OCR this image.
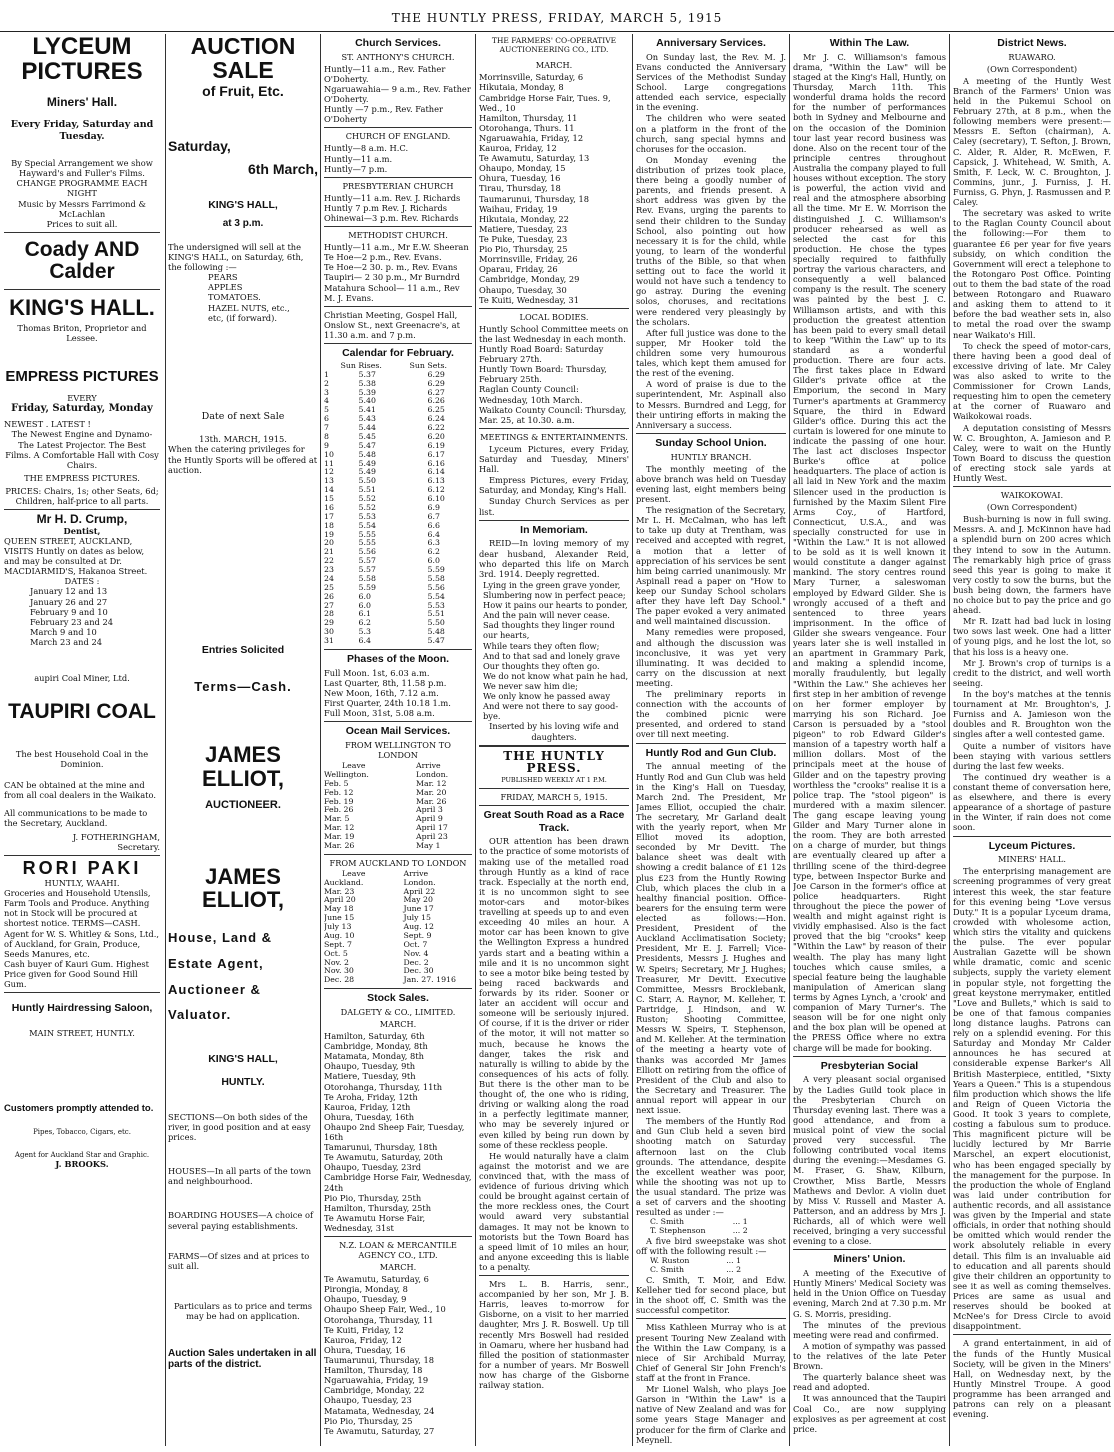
THE HUNTLY PRESS, FRIDAY, MARCH 5, 1915
LYCEUM
PICTURES
Miners' Hall.
Every Friday, Saturday and Tuesday.
By Special Arrangement we show Hayward's and Fuller's Films.
CHANGE PROGRAMME EACH NIGHT
Music by Messrs Farrimond & McLachlan
Prices to suit all.
Coady AND Calder
KING'S HALL.
Thomas Briton, Proprietor and Lessee.
EMPRESS PICTURES
EVERY
Friday, Saturday, Monday
NEWEST . LATEST !
The Newest Engine and Dynamo- The Latest Projector. The Best Films. A Comfortable Hall with Cosy Chairs.
THE EMPRESS PICTURES.
PRICES: Chairs, 1s; other Seats, 6d; Children, half-price to all parts.
Mr H. D. Crump,
Dentist,
QUEEN STREET, AUCKLAND,
VISITS Huntly on dates as below, and may be consulted at Dr. MACDIARMID'S, Hakanoa Street.
DATES :
January 12 and 13
January 26 and 27
February 9 and 10
February 23 and 24
March 9 and 10
March 23 and 24
aupiri Coal Miner, Ltd.
TAUPIRI COAL
The best Household Coal in the Dominion.
CAN be obtained at the mine and from all coal dealers in the Waikato.
All communications to be made to the Secretary, Auckland.
J. FOTHERINGHAM,
Secretary.
RORI PAKI
HUNTLY, WAAHI.
Groceries and Household Utensils, Farm Tools and Produce. Anything not in Stock will be procured at shortest notice. TERMS—CASH.
Agent for W. S. Whitley & Sons, Ltd., of Auckland, for Grain, Produce, Seeds Manures, etc.
Cash buyer of Kauri Gum. Highest Price given for Good Sound Hill Gum.
Huntly Hairdressing Saloon,
MAIN STREET, HUNTLY.
Customers promptly attended to.
Pipes, Tobacco, Cigars, etc.
Agent for Auckland Star and Graphic.
J. BROOKS.
AUCTION SALE
of Fruit, Etc.
Saturday,
6th March,
KING'S HALL,
at 3 p.m.
The undersigned will sell at the KING'S HALL, on Saturday, 6th, the following :—
PEARS
APPLES
TOMATOES.
HAZEL NUTS, etc.,
etc, (if forward).
Date of next Sale
13th. MARCH, 1915.
When the catering privileges for the Huntly Sports will be offered at auction.
Entries Solicited
Terms—Cash.
JAMES ELLIOT,
AUCTIONEER.
JAMES ELLIOT,
House, Land &
Estate Agent,
Auctioneer &
Valuator.
KING'S HALL,
HUNTLY.
SECTIONS—On both sides of the river, in good position and at easy prices.
HOUSES—In all parts of the town and neighbourhood.
BOARDING HOUSES—A choice of several paying establishments.
FARMS—Of sizes and at prices to suit all.
Particulars as to price and terms may be had on application.
Auction Sales undertaken in all parts of the district.
Church Services.
ST. ANTHONY'S CHURCH.
Huntly—11 a.m., Rev. Father O'Doherty.
Ngaruawahia— 9 a.m., Rev. Father O'Doherty.
Huntly —7 p.m., Rev. Father O'Doherty
CHURCH OF ENGLAND.
Huntly—8 a.m. H.C.
Huntly—11 a.m.
Huntly—7 p.m.
PRESBYTERIAN CHURCH
Huntly—11 a.m. Rev. J. Richards
Huntly 7 p.m Rev. J. Richards
Ohinewai—3 p.m. Rev. Richards
METHODIST CHURCH.
Huntly—11 a.m., Mr E.W. Sheeran
Te Hoe—2 p.m., Rev. Evans.
Te Hoe—2 30. p. m., Rev. Evans
Taupiri— 2 30 p.m., Mr Burndrd
Matahura School— 11 a.m., Rev M. J. Evans.
Christian Meeting, Gospel Hall, Onslow St., next Greenacre's, at 11.30 a.m. and 7 p.m.
Calendar for February.
	Sun Rises.	Sun Sets.
1	5.37	6.29
2	5.38	6.29
3	5.39	6.27
4	5.40	6.26
5	5.41	6.25
6	5.43	6.24
7	5.44	6.22
8	5.45	6.20
9	5.47	6.19
10	5.48	6.17
11	5.49	6.16
12	5.49	6.14
13	5.50	6.13
14	5.51	6.12
15	5.52	6.10
16	5.52	6.9
17	5.53	6.7
18	5.54	6.6
19	5.55	6.4
20	5.55	6.3
21	5.56	6.2
22	5.57	6.0
23	5.57	5.59
24	5.58	5.58
25	5.59	5.56
26	6.0	5.54
27	6.0	5.53
28	6.1	5.51
29	6.2	5.50
30	5.3	5.48
31	6.4	5.47
Phases of the Moon.
Full Moon. 1st, 6.03 a.m.
Last Quarter, 8th, 11.58 p.m.
New Moon, 16th, 7.12 a.m.
First Quarter, 24th 10.18 1.m.
Full Moon, 31st, 5.08 a.m.
Ocean Mail Services.
FROM WELLINGTON TO LONDON
Leave	Arrive
Wellington.	London.
Feb. 5	Mar. 12
Feb. 12	Mar. 20
Feb. 19	Mar. 26
Feb. 26	April 3
Mar. 5	April 9
Mar. 12	April 17
Mar. 19	April 23
Mar. 26	May 1
FROM AUCKLAND TO LONDON
Leave	Arrive
Auckland.	London.
Mar. 23	April 22
April 20	May 20
May 18	June 17
June 15	July 15
July 13	Aug. 12
Aug. 10	Sept. 9
Sept. 7	Oct. 7
Oct. 5	Nov. 4
Nov. 2	Dec. 2
Nov. 30	Dec. 30
Dec. 28	Jan. 27. 1916
Stock Sales.
DALGETY & CO., LIMITED.
MARCH.
Hamilton, Saturday, 6th
Cambridge, Monday, 8th
Matamata, Monday, 8th
Ohaupo, Tuesday, 9th
Matiere, Tuesday, 9th
Otorohanga, Thursday, 11th
Te Aroha, Friday, 12th
Kauroa, Friday, 12th
Ohura, Tuesday, 16th
Ohaupo 2nd Sheep Fair, Tuesday, 16th
Tamarunui, Thursday, 18th
Te Awamutu, Saturday, 20th
Ohaupo, Tuesday, 23rd
Cambridge Horse Fair, Wednesday, 24th
Pio Pio, Thursday, 25th
Hamilton, Thursday, 25th
Te Awamutu Horse Fair, Wednesday, 31st
N.Z. LOAN & MERCANTILE AGENCY CO., LTD.
MARCH.
Te Awamutu, Saturday, 6
Pirongia, Monday, 8
Ohaupo, Tuesday, 9
Ohaupo Sheep Fair, Wed., 10
Otorohanga, Thursday, 11
Te Kuiti, Friday, 12
Kauroa, Friday, 12
Ohura, Tuesday, 16
Taumarunui, Thursday, 18
Hamilton, Thursday, 18
Ngaruawahia, Friday, 19
Cambridge, Monday, 22
Ohaupo, Tuesday, 23
Matamata, Wednesday, 24
Pio Pio, Thursday, 25
Te Awamutu, Saturday, 27
THE FARMERS' CO-OPERATIVE AUCTIONEERING CO., LTD.
MARCH.
Morrinsville, Saturday, 6
Hikutaia, Monday, 8
Cambridge Horse Fair, Tues. 9, Wed., 10
Hamilton, Thursday, 11
Otorohanga, Thurs. 11
Ngaruawahia, Friday, 12
Kauroa, Friday, 12
Te Awamutu, Saturday, 13
Ohaupo, Monday, 15
Ohura, Tuesday, 16
Tirau, Thursday, 18
Taumarunui, Thursday, 18
Waihau, Friday, 19
Hikutaia, Monday, 22
Matiere, Tuesday, 23
Te Puke, Tuesday, 23
Pio Pio, Thursday, 25
Morrinsville, Friday, 26
Oparau, Friday, 26
Cambridge, Monday, 29
Ohaupo, Tuesday, 30
Te Kuiti, Wednesday, 31
LOCAL BODIES.
Huntly School Committee meets on the last Wednesday in each month.
Huntly Road Board: Saturday February 27th.
Huntly Town Board: Thursday, February 25th.
Raglan County Council: Wednesday, 10th March.
Waikato County Council: Thursday, Mar. 25, at 10.30. a.m.
MEETINGS & ENTERTAINMENTS.

Lyceum Pictures, every Friday, Saturday and Tuesday, Miners' Hall.

Empress Pictures, every Friday, Saturday, and Monday, King's Hall.

Sunday Church Services as per list.

In Memoriam.

REID—In loving memory of my dear husband, Alexander Reid, who departed this life on March 3rd. 1914. Deeply regretted.

Lying in the green grave yonder,
Slumbering now in perfect peace;
How it pains our hearts to ponder,
And the pain will never cease.
Sad thoughts they linger round our hearts,
While tears they often flow;
And to that sad and lonely grave
Our thoughts they often go.
We do not know what pain he had,
We never saw him die;
We only know he passed away
And were not there to say good-bye.
Inserted by his loving wife and daughters.
THE HUNTLY PRESS.
PUBLISHED WEEKLY AT 1 P.M.
FRIDAY, MARCH 5, 1915.
Great South Road as a Race Track.

OUR attention has been drawn to the practice of some motorists of making use of the metalled road through Huntly as a kind of race track. Especially at the north end, it is no uncommon sight to see motor-cars and motor-bikes travelling at speeds up to and even exceeding 40 miles an hour. A motor car has been known to give the Wellington Express a hundred yards start and a beating within a mile and it is no uncommon sight to see a motor bike being tested by being raced backwards and forwards by its rider. Sooner or later an accident will occur and someone will be seriously injured. Of course, if it is the driver or rider of the motor, it will not matter so much, because he knows the danger, takes the risk and naturally is willing to abide by the consequences of his acts of folly. But there is the other man to be thought of, the one who is riding, driving or walking along the road in a perfectly legitimate manner, who may be severely injured or even killed by being run down by some of these reckless people.

He would naturally have a claim against the motorist and we are convinced that, with the mass of evidence of furious driving which could be brought against certain of the more reckless ones, the Court would award very substantial damages. It may not be known to motorists but the Town Board has a speed limit of 10 miles an hour, and anyone exceeding this is liable to a penalty.

Mrs L. B. Harris, senr., accompanied by her son, Mr J. B. Harris, leaves to-morrow for Gisborne, on a visit to her married daughter, Mrs J. R. Boswell. Up till recently Mrs Boswell had resided in Oamaru, where her husband had filled the position of stationmaster for a number of years. Mr Boswell now has charge of the Gisborne railway station.

Anniversary Services.

On Sunday last, the Rev. M. J. Evans conducted the Anniversary Services of the Methodist Sunday School. Large congregations attended each service, especially in the evening.

The children who were seated on a platform in the front of the church, sang special hymns and choruses for the occasion.

On Monday evening the distribution of prizes took place, there being a goodly number of parents, and friends present. A short address was given by the Rev. Evans, urging the parents to send their children to the Sunday School, also pointing out how necessary it is for the child, while young, to learn of the wonderful truths of the Bible, so that when setting out to face the world it would not have such a tendency to go astray. During the evening solos, choruses, and recitations were rendered very pleasingly by the scholars.

After full justice was done to the supper, Mr Hooker told the children some very humourous tales, which kept them amused for the rest of the evening.

A word of praise is due to the superintendent, Mr. Aspinall also to Messrs. Burndred and Legg, for their untiring efforts in making the Anniversary a success.

Sunday School Union.
HUNTLY BRANCH.

The monthly meeting of the above branch was held on Tuesday evening last, eight members being present.

The resignation of the Secretary, Mr L. H. McCalman, who has left to take up duty at Trentham, was received and accepted with regret, a motion that a letter of appreciation of his services be sent him being carried unanimously. Mr Aspinall read a paper on "How to keep our Sunday School scholars after they have left Day School." The paper evoked a very animated and well maintained discussion.

Many remedies were proposed, and although the discussion was inconclusive, it was yet very illuminating. It was decided to carry on the discussion at next meeting.

The preliminary reports in connection with the accounts of the combined picnic were presented, and ordered to stand over till next meeting.

Huntly Rod and Gun Club.

The annual meeting of the Huntly Rod and Gun Club was held in the King's Hall on Tuesday, March 2nd. The President, Mr James Elliot, occupied the chair. The secretary, Mr Garland dealt with the yearly report, when Mr Elliot moved its adoption, seconded by Mr Devitt. The balance sheet was dealt with showing a credit balance of £1 12s plus £23 from the Huntly Rowing Club, which places the club in a healthy financial position. Office-bearers for the ensuing term were elected as follows:—Hon. President, President of the Auckland Acclimatisation Society; President, Mr E. J. Farrell; Vice-Presidents, Messrs J. Hughes and W. Speirs; Secretary, Mr J. Hughes; Treasurer, Mr Devitt. Executive Committee, Messrs Brocklebank, C. Starr, A. Raynor, M. Kelleher, T. Partridge, J. Hindson, and W. Ruston; Shooting Committee, Messrs W. Speirs, T. Stephenson, and M. Kelleher. At the termination of the meeting a hearty vote of thanks was accorded Mr James Elliott on retiring from the office of President of the Club and also to the Secretary and Treasurer. The annual report will appear in our next issue.

The members of the Huntly Rod and Gun Club held a seven bird shooting match on Saturday afternoon last on the Club grounds. The attendance, despite the excellent weather was poor, while the shooting was not up to the usual standard. The prize was a set of carvers and the shooting resulted as under :—

C. Smith	... 1
T. Stephenson	... 2

A five bird sweepstake was shot off with the following result :—

W. Ruston	... 1
C. Smith	... 2

C. Smith, T. Moir, and Edw. Kelleher tied for second place, but in the shoot off, C. Smith was the successful competitor.

Miss Kathleen Murray who is at present Touring New Zealand with the Within the Law Company, is a niece of Sir Archibald Murray, Chief of General Sir John French's staff at the front in France.

Mr Lionel Walsh, who plays Joe Garson in "Within the Law" is a native of New Zealand and was for some years Stage Manager and producer for the firm of Clarke and Meynell.

Within The Law.

Mr J. C. Williamson's famous drama, "Within the Law" will be staged at the King's Hall, Huntly, on Thursday, March 11th. This wonderful drama holds the record for the number of performances both in Sydney and Melbourne and on the occasion of the Dominion tour last year record business was done. Also on the recent tour of the principle centres throughout Australia the company played to full houses without exception. The story is powerful, the action vivid and real and the atmosphere absorbing all the time. Mr E. W. Morrison the distinguished J. C. Williamson's producer rehearsed as well as selected the cast for this production. He chose the types specially required to faithfully portray the various characters, and consequently a well balanced company is the result. The scenery was painted by the best J. C. Williamson artists, and with this production the greatest attention has been paid to every small detail to keep "Within the Law" up to its standard as a wonderful production. There are four acts. The first takes place in Edward Gilder's private office at the Emporium, the second in Mary Turner's apartments at Grammercy Square, the third in Edward Gilder's office. During this act the curtain is lowered for one minute to indicate the passing of one hour. The last act discloses Inspector Burke's office at police headquarters. The place of action is all laid in New York and the maxim Silencer used in the production is furnished by the Maxim Silent Fire Arms Coy., of Hartford, Connecticut, U.S.A., and was specially constructed for use in "Within the Law." It is not allowed to be sold as it is well known it would constitute a danger against mankind. The story centres round Mary Turner, a saleswoman employed by Edward Gilder. She is wrongly accused of a theft and sentenced to three years imprisonment. In the office of Gilder she swears vengeance. Four years later she is well installed in an apartment in Grammary Park, and making a splendid income, morally fraudulently, but legally "Within the Law." She achieves her first step in her ambition of revenge on her former employer by marrying his son Richard. Joe Carson is persuaded by a "stool pigeon" to rob Edward Gilder's mansion of a tapestry worth half a million dollars. Most of the principals meet at the house of Gilder and on the tapestry proving worthless the "crooks" realise it is a police trap. The "stool pigeon" is murdered with a maxim silencer. The gang escape leaving young Gilder and Mary Turner alone in the room. They are both arrested on a charge of murder, but things are eventually cleared up after a thrilling scene of the third-degree type, between Inspector Burke and Joe Carson in the former's office at police headquarters. Right throughout the piece the power of wealth and might against right is vividly emphasised. Also is the fact proved that the big "crooks" keep "Within the Law" by reason of their wealth. The play has many light touches which cause smiles, a special feature being the laughable manipulation of American slang terms by Agnes Lynch, a 'crook' and companion of Mary Turner's. The season will be for one night only and the box plan will be opened at the PRESS Office where no extra charge will be made for booking.

Presbyterian Social

A very pleasant social organised by the Ladies Guild took place in the Presbyterian Church on Thursday evening last. There was a good attendance, and from a musical point of view the social proved very successful. The following contributed vocal items during the evening:—Mesdames G. M. Fraser, G. Shaw, Kilburn, Crowther, Miss Bartle, Messrs Mathews and Devlor. A violin duet by Miss V. Russell and Master A. Patterson, and an address by Mrs J. Richards, all of which were well received, bringing a very successful evening to a close.

Miners' Union.

A meeting of the Executive of Huntly Miners' Medical Society was held in the Union Office on Tuesday evening, March 2nd at 7.30 p.m. Mr G. S. Morris, presiding.

The minutes of the previous meeting were read and confirmed.

A motion of sympathy was passed to the relatives of the late Peter Brown.

The quarterly balance sheet was read and adopted.

It was announced that the Taupiri Coal Co., are now supplying explosives as per agreement at cost price.

District News.
RUAWARO.
(Own Correspondent)

A meeting of the Huntly West Branch of the Farmers' Union was held in the Pukemui School on February 27th, at 8 p.m., when the following members were present:—Messrs E. Sefton (chairman), A. Caley (secretary), T. Sefton, J. Brown, C. Alder, R. Alder, R. McEwen, F. Capsick, J. Whitehead, W. Smith, A. Smith, F. Leck, W. C. Broughton, J. Commins, junr., J. Furniss, J. H. Furniss, G. Phyn, J. Rasmussen and P. Caley.

The secretary was asked to write to the Raglan County Council about the following:—For them to guarantee £6 per year for five years subsidy, on which condition the Government will erect a telephone to the Rotongaro Post Office. Pointing out to them the bad state of the road between Rotongaro and Ruawaro and asking them to attend to it before the bad weather sets in, also to metal the road over the swamp near Waikato's Hill.

To check the speed of motor-cars, there having been a good deal of excessive driving of late. Mr Caley was also asked to write to the Commissioner for Crown Lands, requesting him to open the cemetery at the corner of Ruawaro and Waikokowai roads.

A deputation consisting of Messrs W. C. Broughton, A. Jamieson and P. Caley, were to wait on the Huntly Town Board to discuss the question of erecting stock sale yards at Huntly West.

WAIKOKOWAI.
(Own Correspondent)

Bush-burning is now in full swing. Messrs. A. and J. McKinnon have had a splendid burn on 200 acres which they intend to sow in the Autumn. The remarkably high price of grass seed this year is going to make it very costly to sow the burns, but the bush being down, the farmers have no choice but to pay the price and go ahead.

Mr R. Izatt had bad luck in losing two sows last week. One had a litter of young pigs, and he lost the lot, so that his loss is a heavy one.

Mr J. Brown's crop of turnips is a credit to the district, and well worth seeing.

In the boy's matches at the tennis tournament at Mr. Broughton's, J. Furniss and A. Jamieson won the doubles and R. Broughton won the singles after a well contested game.

Quite a number of visitors have been staying with various settlers during the last few weeks.

The continued dry weather is a constant theme of conversation here, as elsewhere, and there is every appearance of a shortage of pasture in the Winter, if rain does not come soon.

Lyceum Pictures.
MINERS' HALL.

The enterprising management are screening programmes of very great interest this week, the star feature for this evening being "Love versus Duty." It is a popular Lyceum drama, crowded with wholesome action, which stirs the vitality and quickens the pulse. The ever popular Australian Gazette will be shown while dramatic, comic and scenic subjects, supply the variety element in popular style, not forgetting the great keystone merrymaker, entitled "Love and Bullets," which is said to be one of that famous companies long distance laughs. Patrons can rely on a splendid evening. For this Saturday and Monday Mr Calder announces he has secured at considerable expense Barker's All British Masterpiece, entitled, "Sixty Years a Queen." This is a stupendous film production which shows the life and Reign of Queen Victoria the Good. It took 3 years to complete, costing a fabulous sum to produce. This magnificent picture will be lucidly lectured by Mr Barrie Marschel, an expert elocutionist, who has been engaged specially by the management for the purpose. In the production the whole of England was laid under contribution for authentic records, and all assistance was given by the Imperial and state officials, in order that nothing should be omitted which would render the work absolutely reliable in every detail. This film is an invaluable aid to education and all parents should give their children an opportunity to see it as well as coming themselves. Prices are same as usual and reserves should be booked at McNee's for Dress Circle to avoid disappointment.

A grand entertainment, in aid of the funds of the Huntly Musical Society, will be given in the Miners' Hall, on Wednesday next, by the Huntly Minstrel Troupe. A good programme has been arranged and patrons can rely on a pleasant evening.
